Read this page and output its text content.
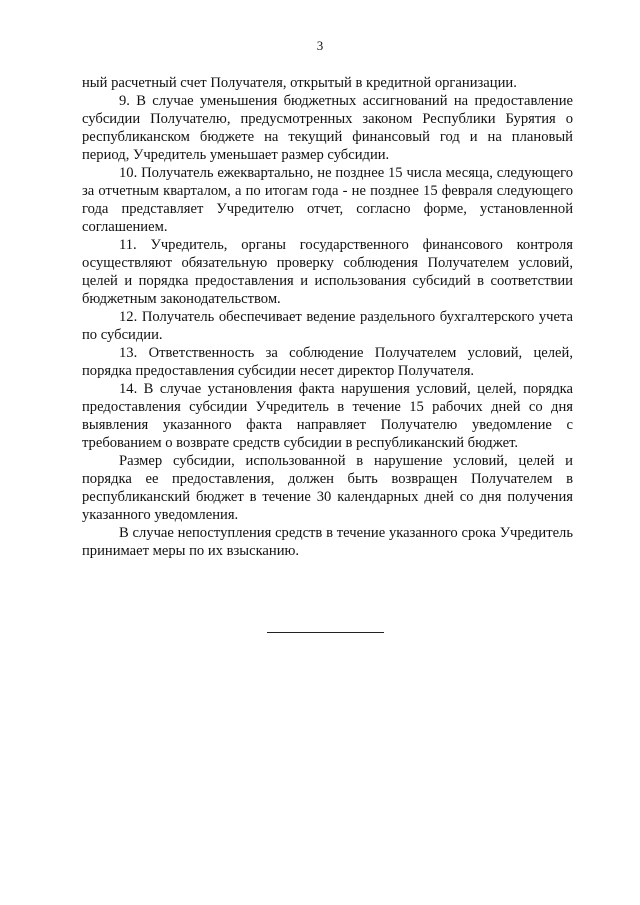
3

ный расчетный счет Получателя, открытый в кредитной организации.

9. В случае уменьшения бюджетных ассигнований на предоставление субсидии Получателю, предусмотренных законом Республики Бурятия о республиканском бюджете на текущий финансовый год и на плановый период, Учредитель уменьшает размер субсидии.

10. Получатель ежеквартально, не позднее 15 числа месяца, следующего за отчетным кварталом, а по итогам года - не позднее 15 февраля следующего года представляет Учредителю отчет, согласно форме, установленной соглашением.

11. Учредитель, органы государственного финансового контроля осуществляют обязательную проверку соблюдения Получателем условий, целей и порядка предоставления и использования субсидий в соответствии бюджетным законодательством.

12. Получатель обеспечивает ведение раздельного бухгалтерского учета по субсидии.

13. Ответственность за соблюдение Получателем условий, целей, порядка предоставления субсидии несет директор Получателя.

14. В случае установления факта нарушения условий, целей, порядка предоставления субсидии Учредитель в течение 15 рабочих дней со дня выявления указанного факта направляет Получателю уведомление с требованием о возврате средств субсидии в республиканский бюджет.

Размер субсидии, использованной в нарушение условий, целей и порядка ее предоставления, должен быть возвращен Получателем в республиканский бюджет в течение 30 календарных дней со дня получения указанного уведомления.

В случае непоступления средств в течение указанного срока Учредитель принимает меры по их взысканию.
